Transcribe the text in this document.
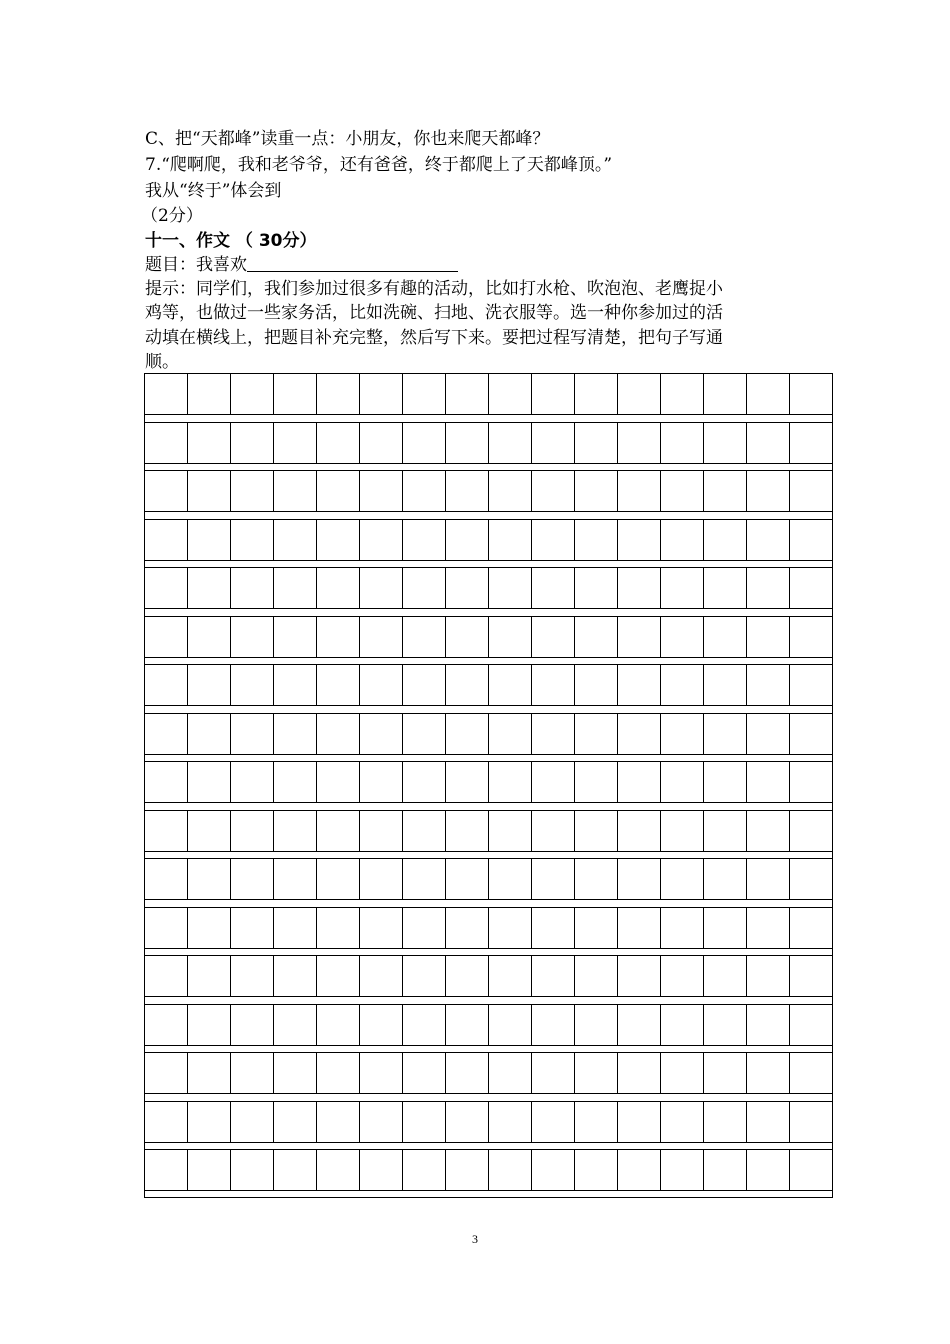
C、把“天都峰”读重一点：小朋友，你也来爬天都峰？
7.“爬啊爬，我和老爷爷，还有爸爸，终于都爬上了天都峰顶。”
我从“终于”体会到
（2分）
十一、作文 （ 30分）
题目：我喜欢
提示：同学们，我们参加过很多有趣的活动，比如打水枪、吹泡泡、老鹰捉小
鸡等，也做过一些家务活，比如洗碗、扫地、洗衣服等。选一种你参加过的活
动填在横线上，把题目补充完整，然后写下来。要把过程写清楚，把句子写通
顺。
3
